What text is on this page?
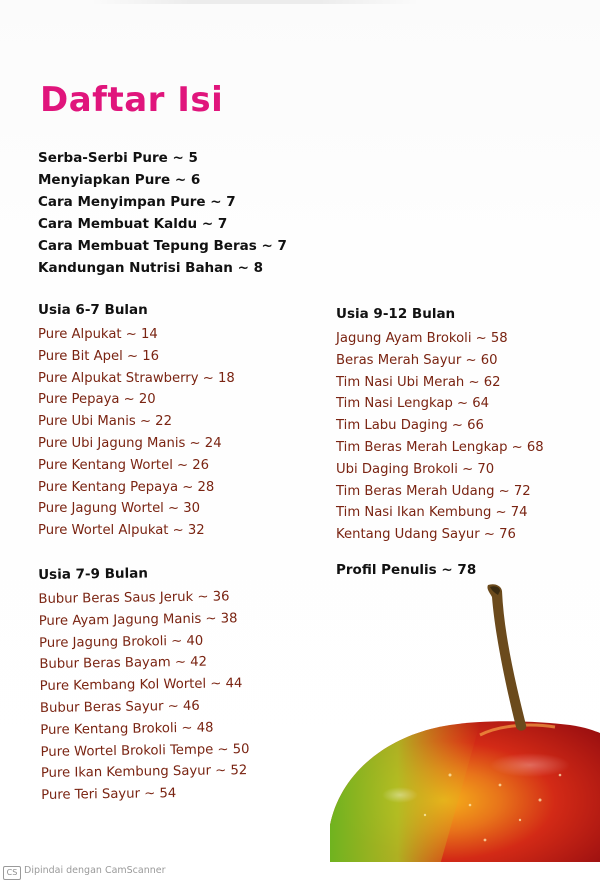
Daftar Isi
Serba-Serbi Pure ~ 5
Menyiapkan Pure ~ 6
Cara Menyimpan Pure ~ 7
Cara Membuat Kaldu ~ 7
Cara Membuat Tepung Beras ~ 7
Kandungan Nutrisi Bahan ~ 8
Usia 6-7 Bulan
Pure Alpukat ~ 14
Pure Bit Apel ~ 16
Pure Alpukat Strawberry ~ 18
Pure Pepaya ~ 20
Pure Ubi Manis ~ 22
Pure Ubi Jagung Manis ~ 24
Pure Kentang Wortel ~ 26
Pure Kentang Pepaya ~ 28
Pure Jagung Wortel ~ 30
Pure Wortel Alpukat ~ 32
Usia 7-9 Bulan
Bubur Beras Saus Jeruk ~ 36
Pure Ayam Jagung Manis ~ 38
Pure Jagung Brokoli ~ 40
Bubur Beras Bayam ~ 42
Pure Kembang Kol Wortel ~ 44
Bubur Beras Sayur ~ 46
Pure Kentang Brokoli ~ 48
Pure Wortel Brokoli Tempe ~ 50
Pure Ikan Kembung Sayur ~ 52
Pure Teri Sayur ~ 54
Usia 9-12 Bulan
Jagung Ayam Brokoli ~ 58
Beras Merah Sayur ~ 60
Tim Nasi Ubi Merah ~ 62
Tim Nasi Lengkap ~ 64
Tim Labu Daging ~ 66
Tim Beras Merah Lengkap ~ 68
Ubi Daging Brokoli ~ 70
Tim Beras Merah Udang ~ 72
Tim Nasi Ikan Kembung ~ 74
Kentang Udang Sayur ~ 76

Profil Penulis ~ 78

CS Dipindai dengan CamScanner
